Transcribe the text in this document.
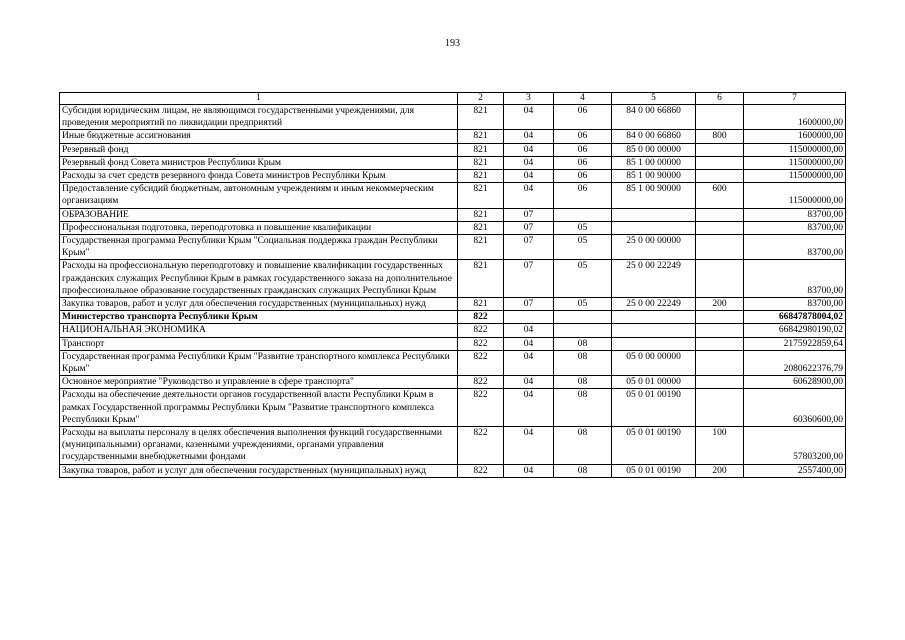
193
1	2	3	4	5	6	7
Субсидия юридическим лицам, не являющимся государственными учреждениями, для проведения мероприятий по ликвидации предприятий	821	04	06	84 0 00 66860		1600000,00
Иные бюджетные ассигнования	821	04	06	84 0 00 66860	800	1600000,00
Резервный фонд	821	04	06	85 0 00 00000		115000000,00
Резервный фонд Совета министров Республики Крым	821	04	06	85 1 00 00000		115000000,00
Расходы за счет средств резервного фонда Совета министров Республики Крым	821	04	06	85 1 00 90000		115000000,00
Предоставление субсидий бюджетным, автономным учреждениям и иным некоммерческим организациям	821	04	06	85 1 00 90000	600	115000000,00
ОБРАЗОВАНИЕ	821	07				83700,00
Профессиональная подготовка, переподготовка и повышение квалификации	821	07	05			83700,00
Государственная программа Республики Крым "Социальная поддержка граждан Республики Крым"	821	07	05	25 0 00 00000		83700,00
Расходы на профессиональную переподготовку и повышение квалификации государственных гражданских служащих Республики Крым в рамках государственного заказа на дополнительное профессиональное образование государственных гражданских служащих Республики Крым	821	07	05	25 0 00 22249		83700,00
Закупка товаров, работ и услуг для обеспечения государственных (муниципальных) нужд	821	07	05	25 0 00 22249	200	83700,00
Министерство транспорта Республики Крым	822					66847878004,02
НАЦИОНАЛЬНАЯ ЭКОНОМИКА	822	04				66842980190,02
Транспорт	822	04	08			2175922859,64
Государственная программа Республики Крым "Развитие транспортного комплекса Республики Крым"	822	04	08	05 0 00 00000		2080622376,79
Основное мероприятие "Руководство и управление в сфере транспорта"	822	04	08	05 0 01 00000		60628900,00
Расходы на обеспечение деятельности органов государственной власти Республики Крым в рамках Государственной программы Республики Крым "Развитие транспортного комплекса Республики Крым"	822	04	08	05 0 01 00190		60360600,00
Расходы на выплаты персоналу в целях обеспечения выполнения функций государственными (муниципальными) органами, казенными учреждениями, органами управления государственными внебюджетными фондами	822	04	08	05 0 01 00190	100	57803200,00
Закупка товаров, работ и услуг для обеспечения государственных (муниципальных) нужд	822	04	08	05 0 01 00190	200	2557400,00
